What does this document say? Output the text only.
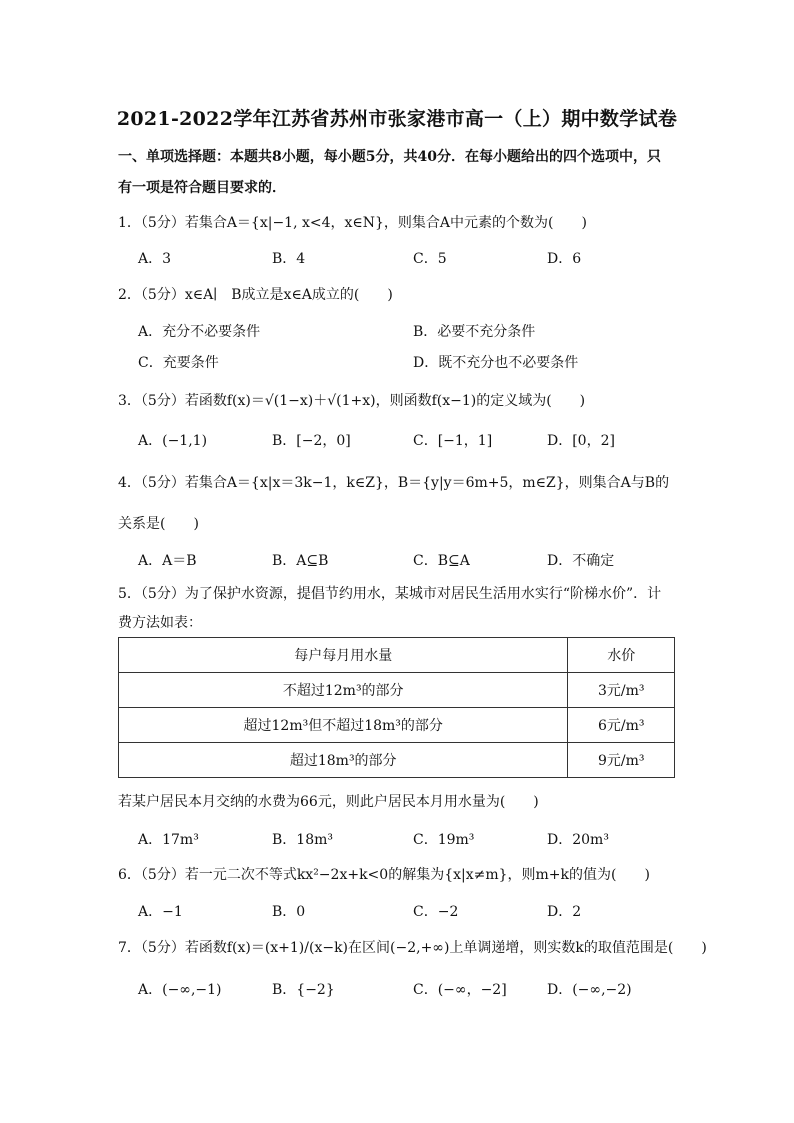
2021-2022学年江苏省苏州市张家港市高一（上）期中数学试卷
一、单项选择题：本题共8小题，每小题5分，共40分．在每小题给出的四个选项中，只
有一项是符合题目要求的．
1．（5分）若集合A＝{x|−1, x<4，x∈N}，则集合A中元素的个数为(　　)
A．3	B．4	C．5	D．6
2．（5分）x∈A∣　B成立是x∈A成立的(　　)
A．充分不必要条件	B．必要不充分条件
C．充要条件	D．既不充分也不必要条件
3．（5分）若函数f(x)＝√(1−x)＋√(1+x)，则函数f(x−1)的定义域为(　　)
A．(−1,1)	B．[−2，0]	C．[−1，1]	D．[0，2]
4．（5分）若集合A＝{x|x＝3k−1，k∈Z}，B＝{y|y＝6m+5，m∈Z}，则集合A与B的
关系是(　　)
A．A＝B	B．A⊆B	C．B⊆A	D．不确定
5．（5分）为了保护水资源，提倡节约用水，某城市对居民生活用水实行“阶梯水价”．计
费方法如表：
每户每月用水量	水价
不超过12m³的部分	3元/m³
超过12m³但不超过18m³的部分	6元/m³
超过18m³的部分	9元/m³
若某户居民本月交纳的水费为66元，则此户居民本月用水量为(　　)
A．17m³	B．18m³	C．19m³	D．20m³
6．（5分）若一元二次不等式kx²−2x+k<0的解集为{x|x≠m}，则m+k的值为(　　)
A．−1	B．0	C．−2	D．2
7．（5分）若函数f(x)＝(x+1)/(x−k)在区间(−2,+∞)上单调递增，则实数k的取值范围是(　　)
A．(−∞,−1)	B．{−2}	C．(−∞，−2]	D．(−∞,−2)
